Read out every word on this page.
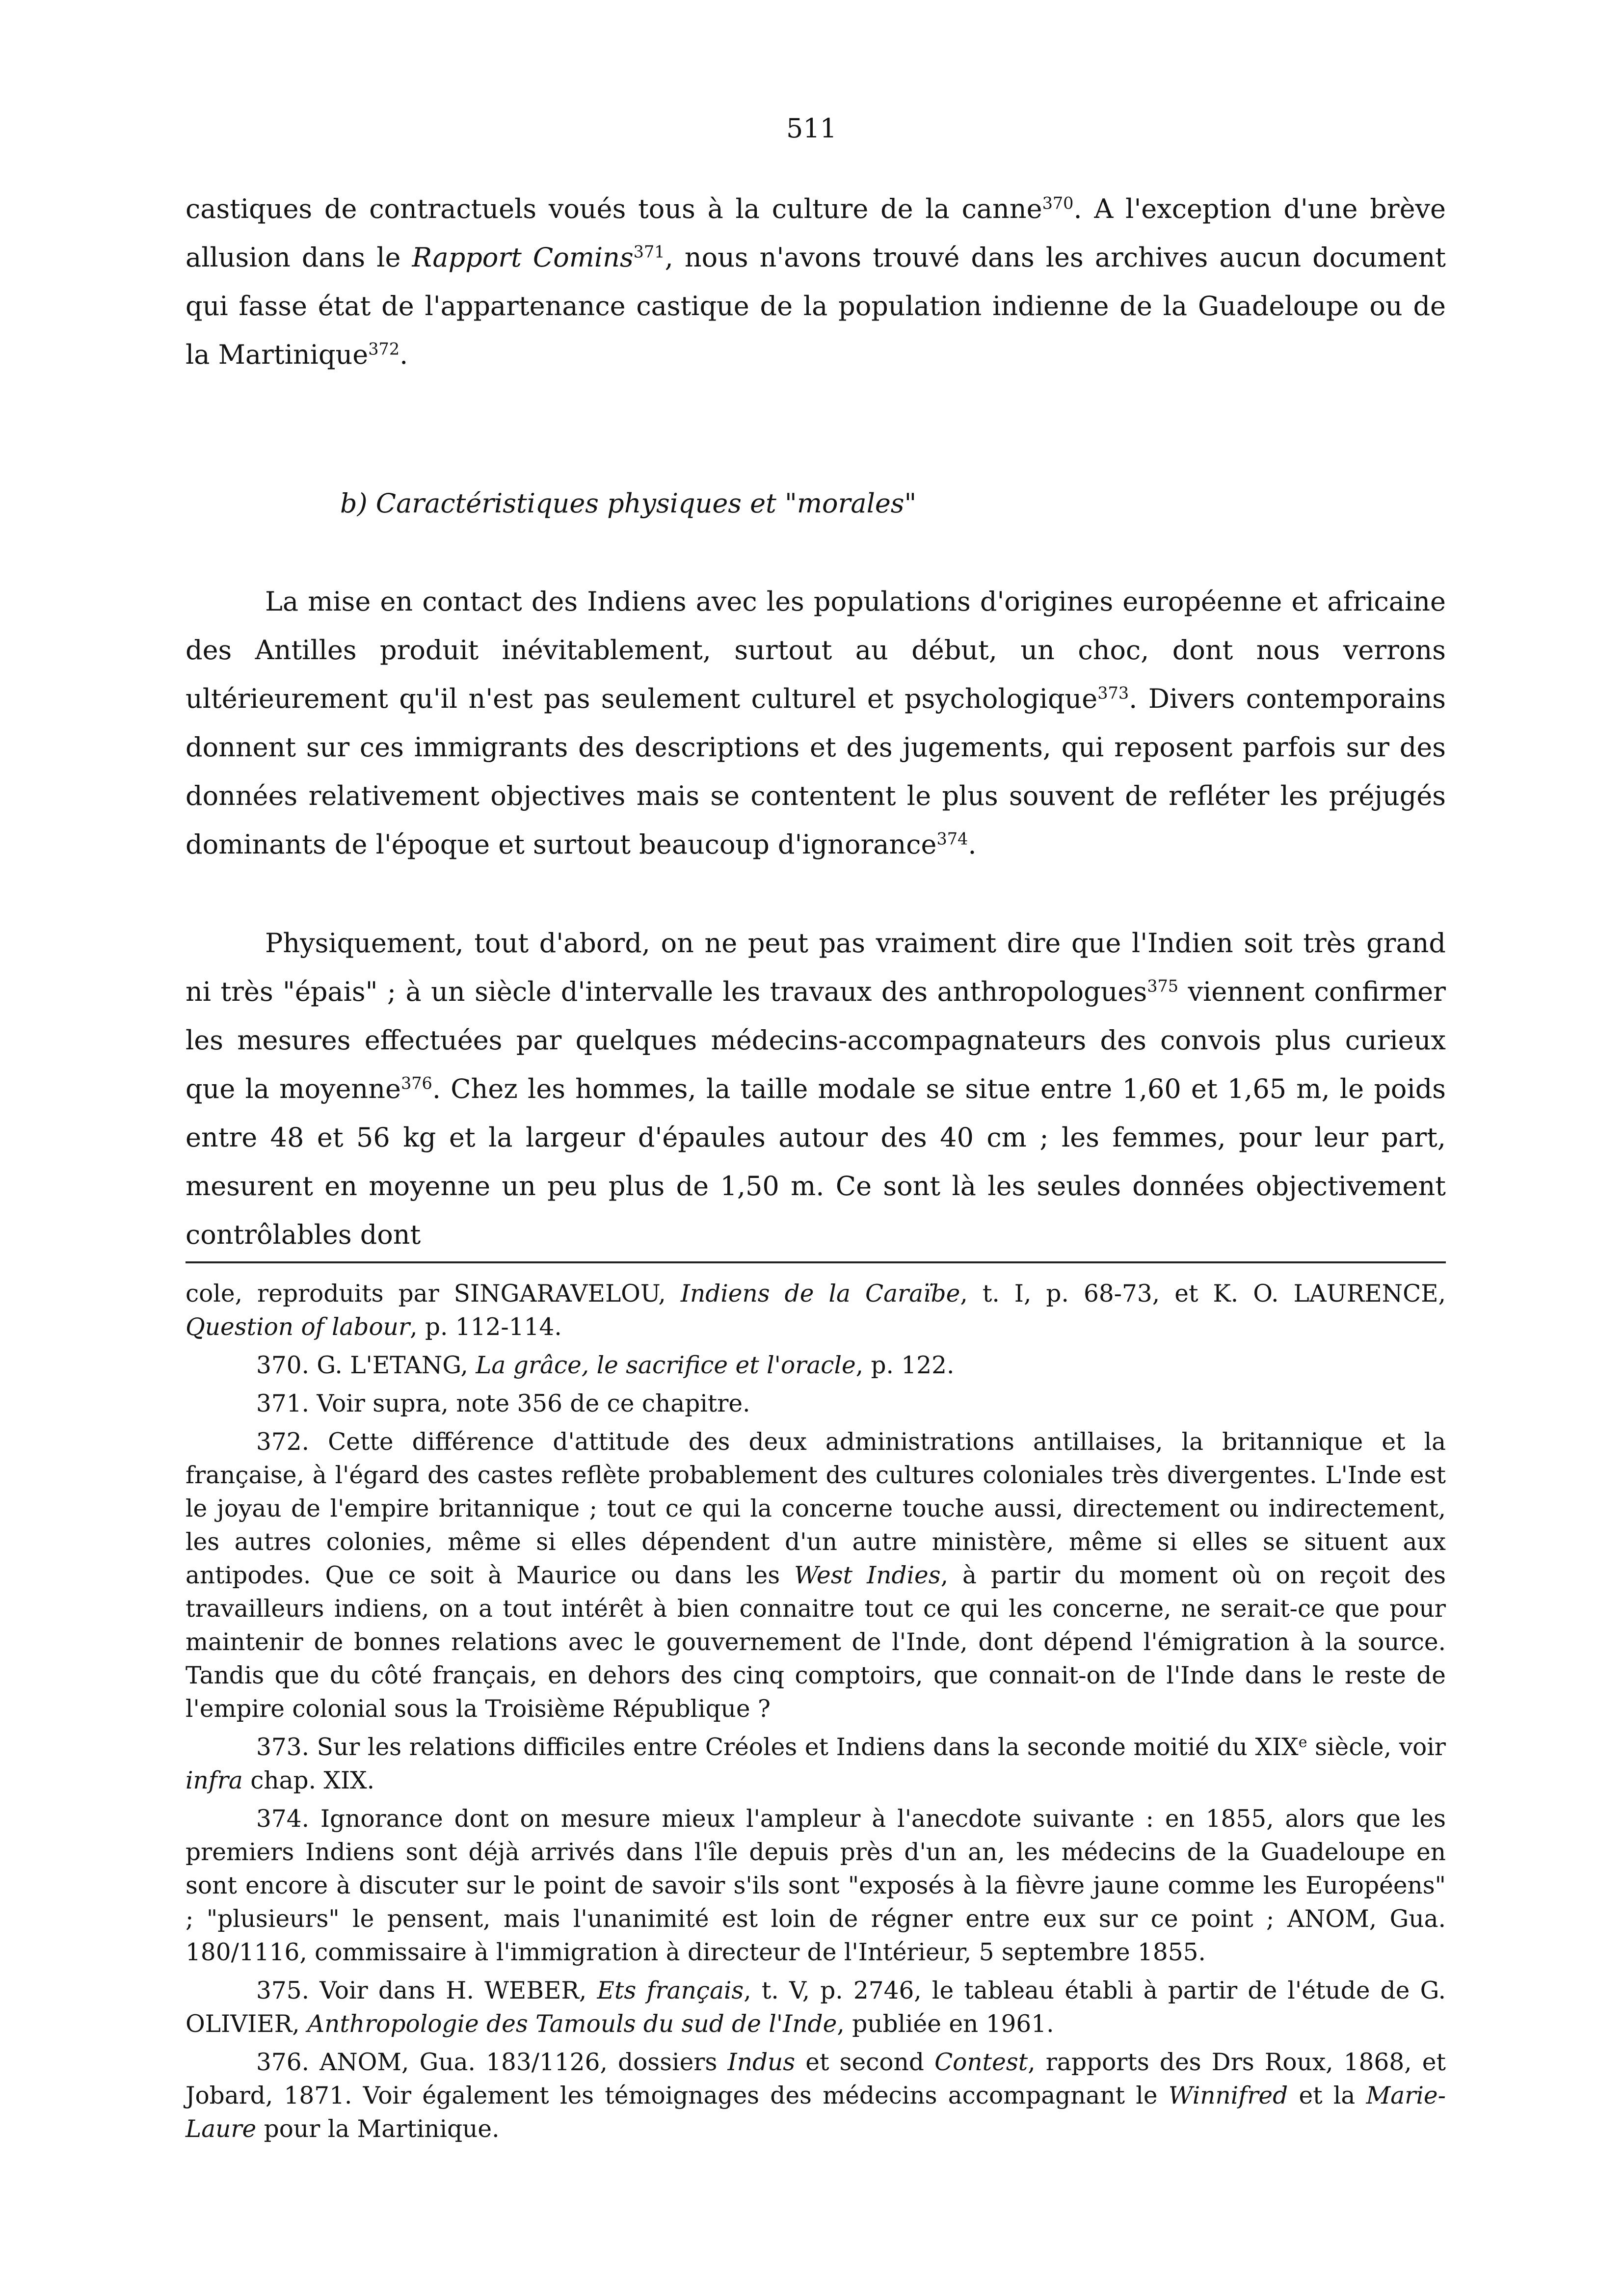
511

castiques de contractuels voués tous à la culture de la canne$^{370}$. A l'exception d'une brève allusion dans le Rapport Comins$^{371}$, nous n'avons trouvé dans les archives aucun document qui fasse état de l'appartenance castique de la population indienne de la Guadeloupe ou de la Martinique$^{372}$.

b) Caractéristiques physiques et "morales"

La mise en contact des Indiens avec les populations d'origines européenne et africaine des Antilles produit inévitablement, surtout au début, un choc, dont nous verrons ultérieurement qu'il n'est pas seulement culturel et psychologique$^{373}$. Divers contemporains donnent sur ces immigrants des descriptions et des jugements, qui reposent parfois sur des données relativement objectives mais se contentent le plus souvent de refléter les préjugés dominants de l'époque et surtout beaucoup d'ignorance$^{374}$.

Physiquement, tout d'abord, on ne peut pas vraiment dire que l'Indien soit très grand ni très "épais" ; à un siècle d'intervalle les travaux des anthropologues$^{375}$ viennent confirmer les mesures effectuées par quelques médecins-accompagnateurs des convois plus curieux que la moyenne$^{376}$. Chez les hommes, la taille modale se situe entre 1,60 et 1,65 m, le poids entre 48 et 56 kg et la largeur d'épaules autour des 40 cm ; les femmes, pour leur part, mesurent en moyenne un peu plus de 1,50 m. Ce sont là les seules données objectivement contrôlables dont

cole, reproduits par SINGARAVELOU, Indiens de la Caraïbe, t. I, p. 68-73, et K. O. LAURENCE, Question of labour, p. 112-114.

370. G. L'ETANG, La grâce, le sacrifice et l'oracle, p. 122.

371. Voir supra, note 356 de ce chapitre.

372. Cette différence d'attitude des deux administrations antillaises, la britannique et la française, à l'égard des castes reflète probablement des cultures coloniales très divergentes. L'Inde est le joyau de l'empire britannique ; tout ce qui la concerne touche aussi, directement ou indirectement, les autres colonies, même si elles dépendent d'un autre ministère, même si elles se situent aux antipodes. Que ce soit à Maurice ou dans les West Indies, à partir du moment où on reçoit des travailleurs indiens, on a tout intérêt à bien connaitre tout ce qui les concerne, ne serait-ce que pour maintenir de bonnes relations avec le gouvernement de l'Inde, dont dépend l'émigration à la source. Tandis que du côté français, en dehors des cinq comptoirs, que connait-on de l'Inde dans le reste de l'empire colonial sous la Troisième République ?

373. Sur les relations difficiles entre Créoles et Indiens dans la seconde moitié du XIXe siècle, voir infra chap. XIX.

374. Ignorance dont on mesure mieux l'ampleur à l'anecdote suivante : en 1855, alors que les premiers Indiens sont déjà arrivés dans l'île depuis près d'un an, les médecins de la Guadeloupe en sont encore à discuter sur le point de savoir s'ils sont "exposés à la fièvre jaune comme les Européens" ; "plusieurs" le pensent, mais l'unanimité est loin de régner entre eux sur ce point ; ANOM, Gua. 180/1116, commissaire à l'immigration à directeur de l'Intérieur, 5 septembre 1855.

375. Voir dans H. WEBER, Ets français, t. V, p. 2746, le tableau établi à partir de l'étude de G. OLIVIER, Anthropologie des Tamouls du sud de l'Inde, publiée en 1961.

376. ANOM, Gua. 183/1126, dossiers Indus et second Contest, rapports des Drs Roux, 1868, et Jobard, 1871. Voir également les témoignages des médecins accompagnant le Winnifred et la Marie-Laure pour la Martinique.
